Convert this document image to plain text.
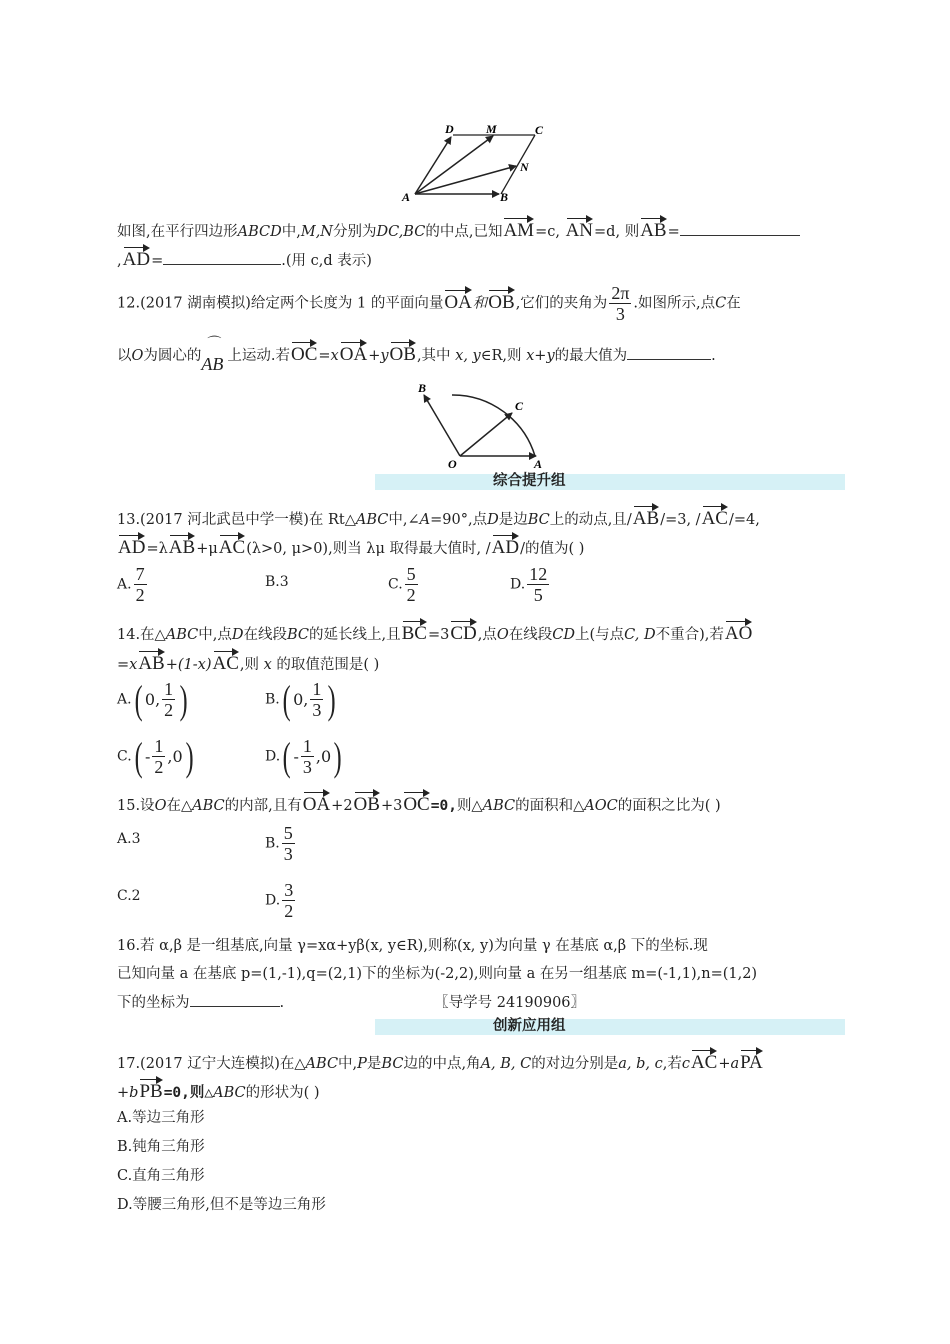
D	M	C
N
A	B
如图,在平行四边形ABCD中,M,N分别为DC,BC的中点,已知AM=c, AN=d, 则AB=
,AD=	.(用 c,d 表示)
12.(2017 湖南模拟)给定两个长度为 1 的平面向量OA和OB,它们的夹角为 $\frac{2\pi}{3}$ .如图所示,点C在
以O为圆心的
⌒
AB 上运动.若OC=xOA+yOB,其中 x, y∈R,则 x+y的最大值为	.
B
C
O	A
综合提升组
13.(2017 河北武邑中学一模)在 Rt△ABC中,∠A=90°,点D是边BC上的动点,且/AB/=3, /AC/=4,
AD=λAB+μAC(λ>0, μ>0),则当 λμ 取得最大值时, /AD/的值为( )
A. $\frac{7}{2}$	B.3	C. $\frac{5}{2}$	D. $\frac{12}{5}$
14.在△ABC中,点D在线段BC的延长线上,且BC=3CD,点O在线段CD上(与点C, D不重合),若AO
=xAB+(1-x)AC,则 x 的取值范围是( )
A.( 0, $\frac{1}{2}$ )	B.( 0, $\frac{1}{3}$ )
$C.( - \frac{1}{2} ,0)$	$D.( - \frac{1}{3} ,0)$
15.设O在△ABC的内部,且有OA+2OB+3OC=0,则△ABC的面积和△AOC的面积之比为( )
A.3	B. $\frac{5}{3}$
C.2	D. $\frac{3}{2}$
16.若 α,β 是一组基底,向量 γ=xα+yβ(x, y∈R),则称(x, y)为向量 γ 在基底 α,β 下的坐标.现
已知向量 a 在基底 p=(1,-1),q=(2,1)下的坐标为(-2,2),则向量 a 在另一组基底 m=(-1,1),n=(1,2)
下的坐标为	.	〖导学号 24190906〗
创新应用组
17.(2017 辽宁大连模拟)在△ABC中,P是BC边的中点,角A, B, C的对边分别是a, b, c,若cAC+aPA
+bPB=0,则△ABC的形状为( )
A.等边三角形
B.钝角三角形
C.直角三角形
D.等腰三角形,但不是等边三角形
